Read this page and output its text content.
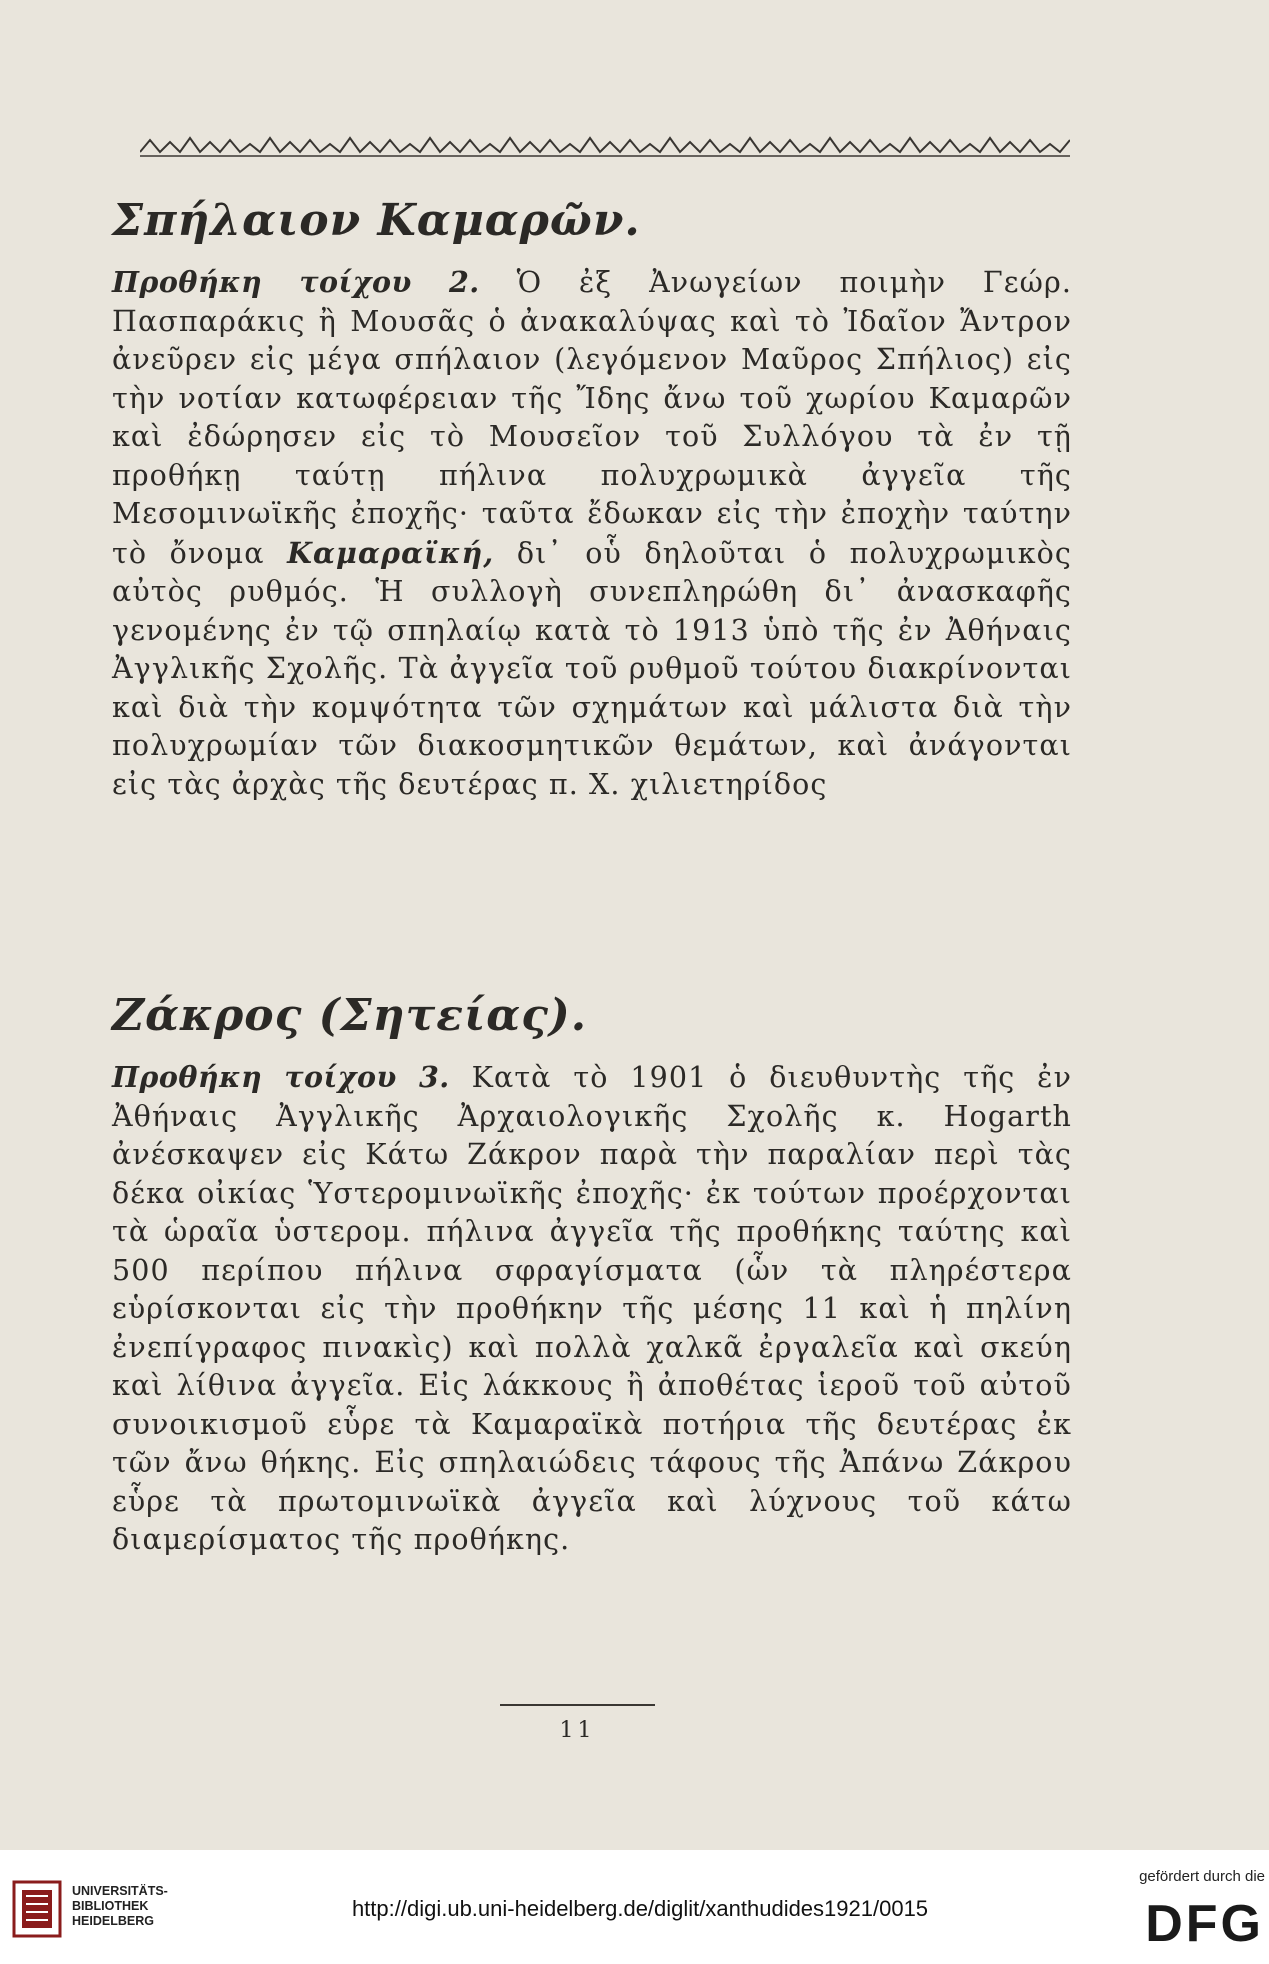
Σπήλαιον Καμαρῶν.
Προθήκη τοίχου 2. Ὁ ἐξ Ἀνωγείων ποιμὴν Γεώρ. Πασπαράκις ἢ Μουσᾶς ὁ ἀνακαλύψας καὶ τὸ Ἰδαῖον Ἄντρον ἀνεῦρεν εἰς μέγα σπήλαιον (λεγόμενον Μαῦρος Σπήλιος) εἰς τὴν νοτίαν κατωφέρειαν τῆς Ἴδης ἄνω τοῦ χωρίου Καμαρῶν καὶ ἐδώρησεν εἰς τὸ Μουσεῖον τοῦ Συλλόγου τὰ ἐν τῇ προθήκῃ ταύτῃ πήλινα πολυχρωμικὰ ἀγγεῖα τῆς Μεσομινωϊκῆς ἐποχῆς· ταῦτα ἔδωκαν εἰς τὴν ἐποχὴν ταύτην τὸ ὄνομα Καμαραϊκή, δι᾽ οὗ δηλοῦται ὁ πολυχρωμικὸς αὐτὸς ρυθμός. Ἡ συλλογὴ συνεπληρώθη δι᾽ ἀνασκαφῆς γενομένης ἐν τῷ σπηλαίῳ κατὰ τὸ 1913 ὑπὸ τῆς ἐν Ἀθήναις Ἀγγλικῆς Σχολῆς. Τὰ ἀγγεῖα τοῦ ρυθμοῦ τούτου διακρίνονται καὶ διὰ τὴν κομψότητα τῶν σχημάτων καὶ μάλιστα διὰ τὴν πολυχρωμίαν τῶν διακοσμητικῶν θεμάτων, καὶ ἀνάγονται εἰς τὰς ἀρχὰς τῆς δευτέρας π. Χ. χιλιετηρίδος
Ζάκρος (Σητείας).
Προθήκη τοίχου 3. Κατὰ τὸ 1901 ὁ διευθυντὴς τῆς ἐν Ἀθήναις Ἀγγλικῆς Ἀρχαιολογικῆς Σχολῆς κ. Hogarth ἀνέσκαψεν εἰς Κάτω Ζάκρον παρὰ τὴν παραλίαν περὶ τὰς δέκα οἰκίας Ὑστερομινωϊκῆς ἐποχῆς· ἐκ τούτων προέρχονται τὰ ὡραῖα ὑστερομ. πήλινα ἀγγεῖα τῆς προθήκης ταύτης καὶ 500 περίπου πήλινα σφραγίσματα (ὧν τὰ πληρέστερα εὑρίσκονται εἰς τὴν προθήκην τῆς μέσης 11 καὶ ἡ πηλίνη ἐνεπίγραφος πινακὶς) καὶ πολλὰ χαλκᾶ ἐργαλεῖα καὶ σκεύη καὶ λίθινα ἀγγεῖα. Εἰς λάκκους ἢ ἀποθέτας ἱεροῦ τοῦ αὐτοῦ συνοικισμοῦ εὗρε τὰ Καμαραϊκὰ ποτήρια τῆς δευτέρας ἐκ τῶν ἄνω θήκης. Εἰς σπηλαιώδεις τάφους τῆς Ἀπάνω Ζάκρου εὗρε τὰ πρωτομινωϊκὰ ἀγγεῖα καὶ λύχνους τοῦ κάτω διαμερίσματος τῆς προθήκης.
11
UNIVERSITÄTS-
BIBLIOTHEK
HEIDELBERG	http://digi.ub.uni-heidelberg.de/diglit/xanthudides1921/0015
gefördert durch die
DFG
